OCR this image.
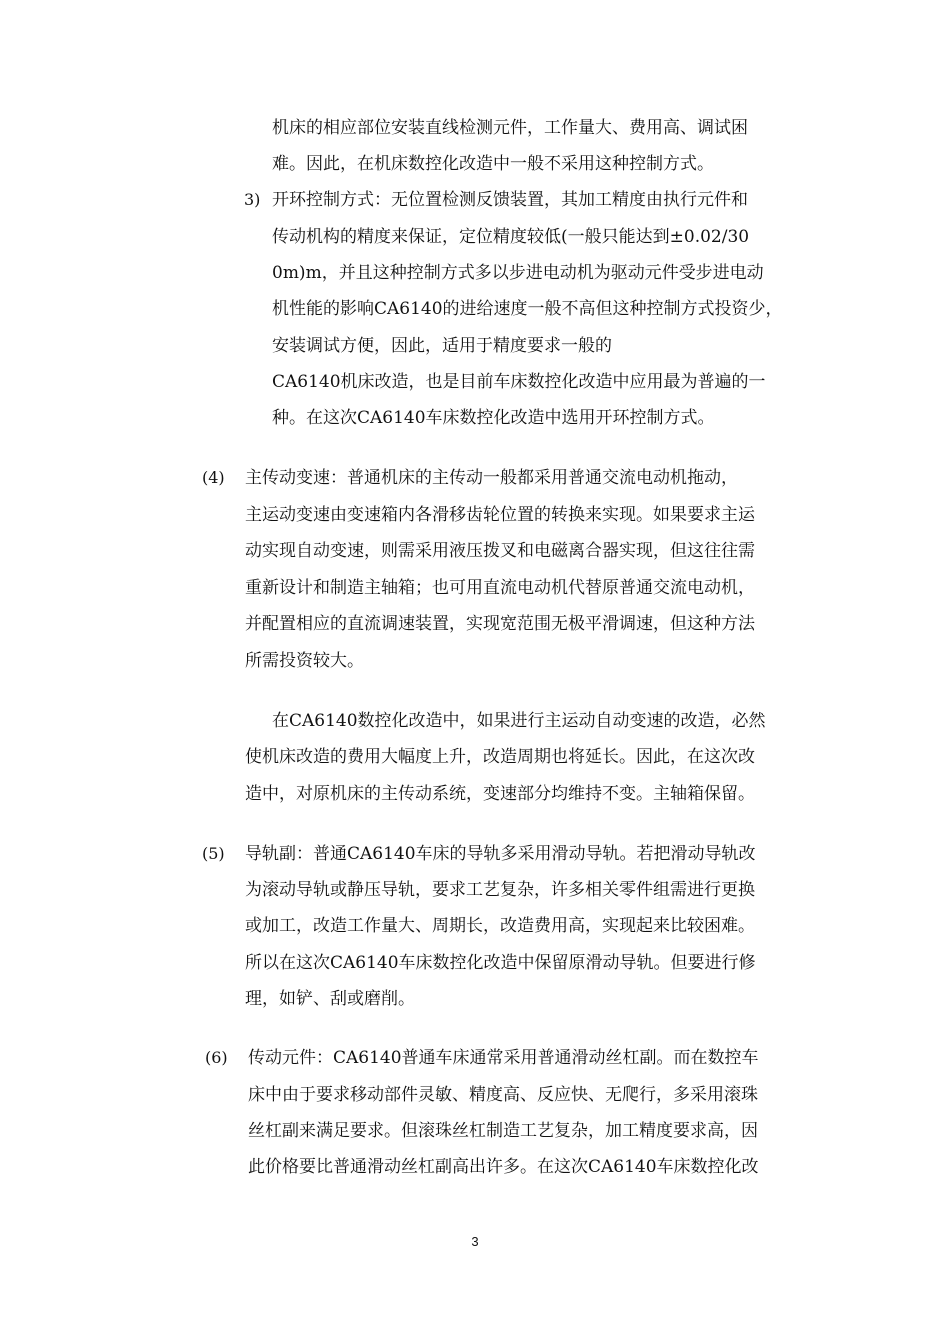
机床的相应部位安装直线检测元件，工作量大、费用高、调试困
难。因此，在机床数控化改造中一般不采用这种控制方式。
3) 开环控制方式：无位置检测反馈装置，其加工精度由执行元件和
传动机构的精度来保证，定位精度较低(一般只能达到±0.02/30
0m)m，并且这种控制方式多以步进电动机为驱动元件受步进电动
机性能的影响CA6140的进给速度一般不高但这种控制方式投资少，
安装调试方便，因此，适用于精度要求一般的
CA6140机床改造，也是目前车床数控化改造中应用最为普遍的一
种。在这次CA6140车床数控化改造中选用开环控制方式。
(4) 主传动变速：普通机床的主传动一般都采用普通交流电动机拖动，
主运动变速由变速箱内各滑移齿轮位置的转换来实现。如果要求主运
动实现自动变速，则需采用液压拨叉和电磁离合器实现，但这往往需
重新设计和制造主轴箱；也可用直流电动机代替原普通交流电动机，
并配置相应的直流调速装置，实现宽范围无极平滑调速，但这种方法
所需投资较大。
在CA6140数控化改造中，如果进行主运动自动变速的改造，必然
使机床改造的费用大幅度上升，改造周期也将延长。因此，在这次改
造中，对原机床的主传动系统，变速部分均维持不变。主轴箱保留。
(5) 导轨副：普通CA6140车床的导轨多采用滑动导轨。若把滑动导轨改
为滚动导轨或静压导轨，要求工艺复杂，许多相关零件组需进行更换
或加工，改造工作量大、周期长，改造费用高，实现起来比较困难。
所以在这次CA6140车床数控化改造中保留原滑动导轨。但要进行修
理，如铲、刮或磨削。
(6) 传动元件：CA6140普通车床通常采用普通滑动丝杠副。而在数控车
床中由于要求移动部件灵敏、精度高、反应快、无爬行，多采用滚珠
丝杠副来满足要求。但滚珠丝杠制造工艺复杂，加工精度要求高，因
此价格要比普通滑动丝杠副高出许多。在这次CA6140车床数控化改
3
